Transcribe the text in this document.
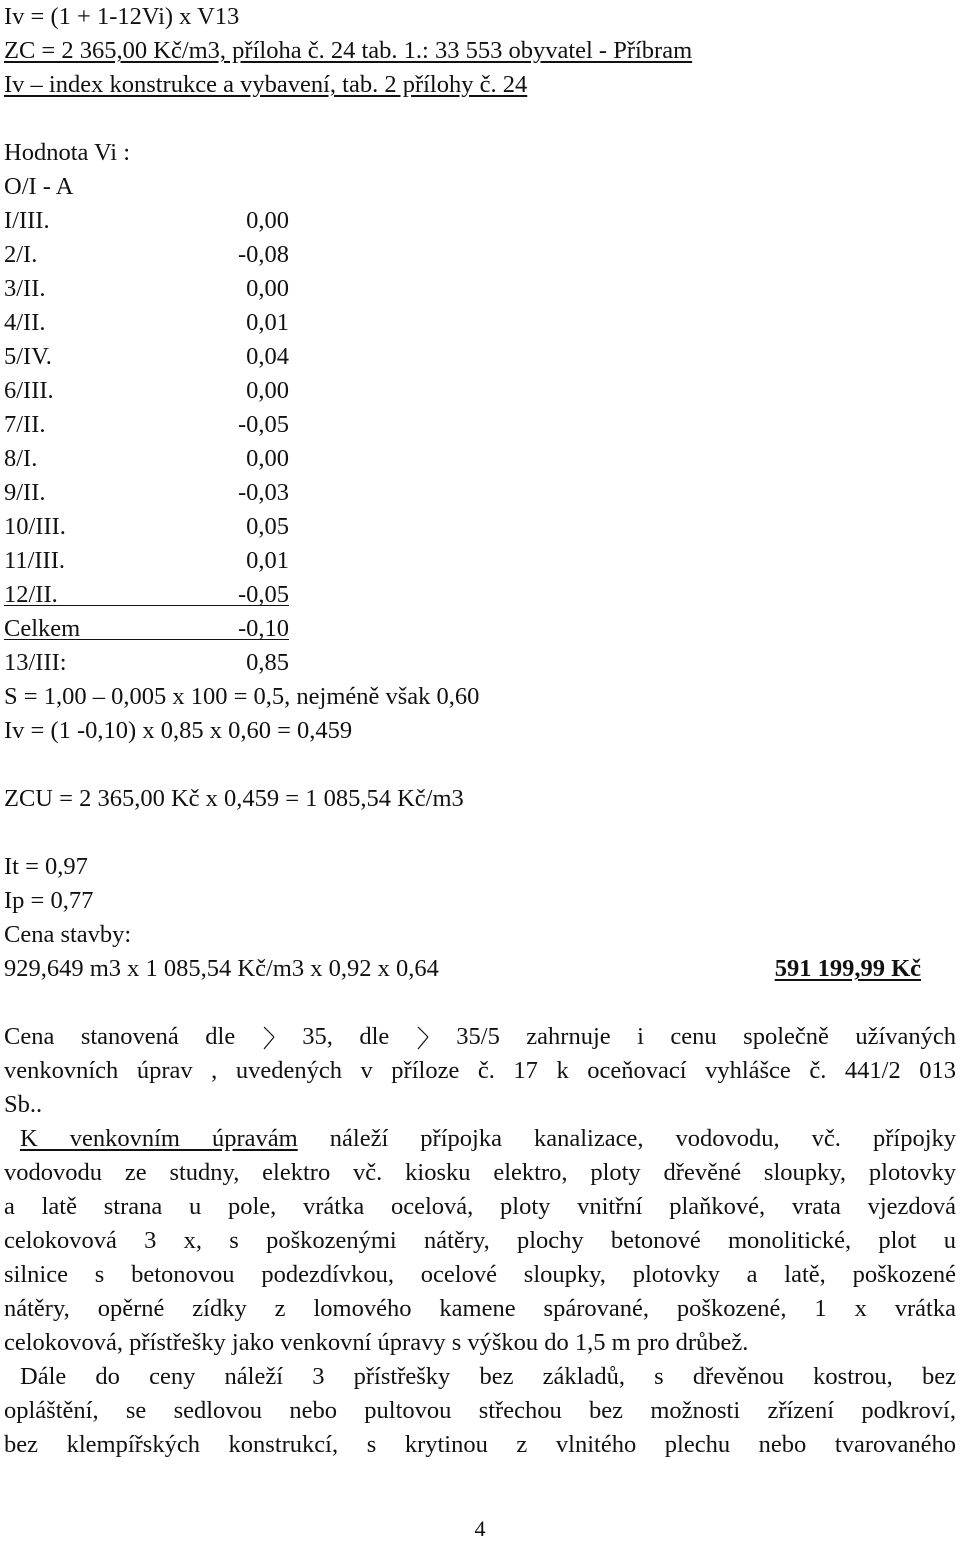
Iv = (1 + 1-12Vi) x V13
ZC = 2 365,00 Kč/m3, příloha č. 24 tab. 1.: 33 553 obyvatel - Příbram
Iv – index konstrukce a vybavení, tab. 2 přílohy č. 24
Hodnota Vi :
O/I - A
I/III.	0,00
2/I.	-0,08
3/II.	0,00
4/II.	0,01
5/IV.	0,04
6/III.	0,00
7/II.	-0,05
8/I.	0,00
9/II.	-0,03
10/III.	0,05
11/III.	0,01
12/II.	-0,05
Celkem	-0,10
13/III:	0,85
S = 1,00 – 0,005 x 100 = 0,5, nejméně však 0,60
Iv = (1 -0,10) x 0,85 x 0,60 = 0,459
ZCU = 2 365,00 Kč x 0,459 = 1 085,54 Kč/m3
It = 0,97
Ip = 0,77
Cena stavby:
929,649 m3 x 1 085,54 Kč/m3 x 0,92 x 0,64	591 199,99 Kč
Cena stanovená dle	35, dle	35/5 zahrnuje i cenu společně užívaných
venkovních úprav , uvedených v příloze č. 17 k oceňovací vyhlášce č. 441/2 013
Sb..
K venkovním úpravám náleží přípojka kanalizace, vodovodu, vč. přípojky
vodovodu ze studny, elektro vč. kiosku elektro, ploty dřevěné sloupky, plotovky
a latě strana u pole, vrátka ocelová, ploty vnitřní plaňkové, vrata vjezdová
celokovová 3 x, s poškozenými nátěry, plochy betonové monolitické, plot u
silnice s betonovou podezdívkou, ocelové sloupky, plotovky a latě, poškozené
nátěry, opěrné zídky z lomového kamene spárované, poškozené, 1 x vrátka
celokovová, přístřešky jako venkovní úpravy s výškou do 1,5 m pro drůbež.
Dále do ceny náleží 3 přístřešky bez základů, s dřevěnou kostrou, bez
opláštění, se sedlovou nebo pultovou střechou bez možnosti zřízení podkroví,
bez klempířských konstrukcí, s krytinou z vlnitého plechu nebo tvarovaného
4
